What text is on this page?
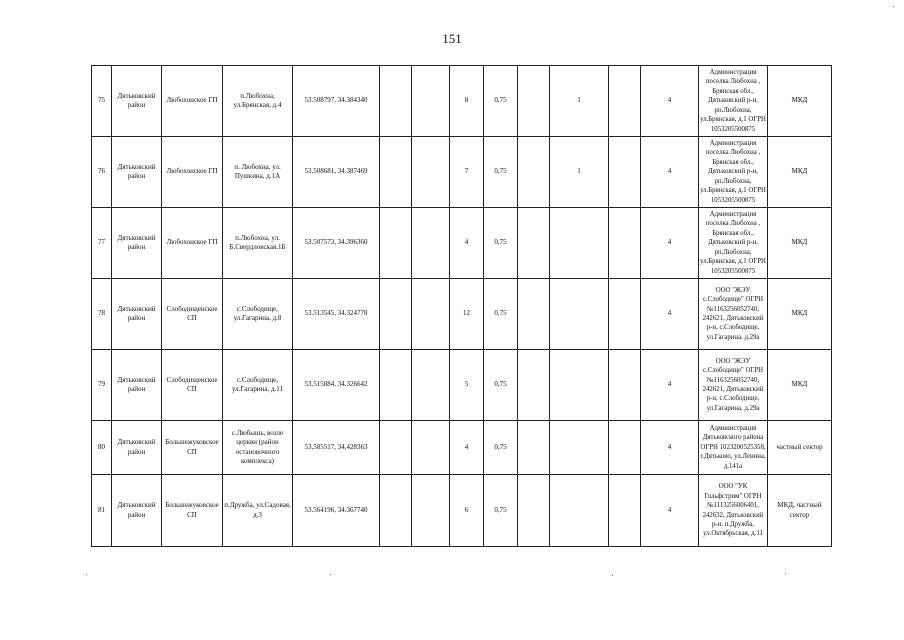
151
75	Дятьковский район	Любохонское ГП	п.Любохна, ул.Брянская, д.4	53.508797, 34.384340			8	0,75		1		4	Администрация поселка Любохна , Брянская обл., Дятьковский р-н, рп.Любохна, ул.Брянская, д.1 ОГРН 1053205500875	МКД
76	Дятьковский район	Любохонское ГП	п. Любохна, ул. Пушкина, д.1А	53.508681, 34.387469			7	0,75		1		4	Администрация поселка Любохна , Брянская обл., Дятьковский р-н, рп.Любохна, ул.Брянская, д.1 ОГРН 1053205500875	МКД
77	Дятьковский район	Любохонское ГП	п.Любохна, ул. Б.Свердловская,1Б	53.507573, 34.396360			4	0,75				4	Администрация поселка Любохна , Брянская обл., Дятьковский р-н, рп.Любохна, ул.Брянская, д.1 ОГРН 1053205500875	МКД
78	Дятьковский район	Слободищенское СП	с.Слободище, ул.Гагарина, д.8	53.513545, 34.324778			12	0,75				4	ООО "ЖЭУ с.Слободище" ОГРН №1163256052740, 242621, Дятьковский р-н, с.Слободище, ул.Гагарина, д.29а	МКД
79	Дятьковский район	Слободищенское СП	с.Слободище, ул.Гагарина, д.11	53.515884, 34.326642			5	0,75				4	ООО "ЖЭУ с.Слободище" ОГРН №1163256052740, 242621, Дятьковский р-н, с.Слободище, ул.Гагарина, д.29а	МКД
80	Дятьковский район	Большежуковское СП	с.Любышь, возле церкви (район остановочного комплекса)	53,585517, 34,428363			4	0,75				4	Администрация Дятьковского района ОГРН 1023200525358, г.Дятьково, ул.Ленина, д.141а	частный сектор
81	Дятьковский район	Большежуковское СП	п.Дружба, ул.Садовая, д.3	53.564196, 34.367740			6	0,75				4	ООО "УК Гольфстрим" ОГРН №1113256006401, 242632, Дятьковский р-н, п.Дружба, ул.Октябрьская, д.11	МКД, частный сектор
